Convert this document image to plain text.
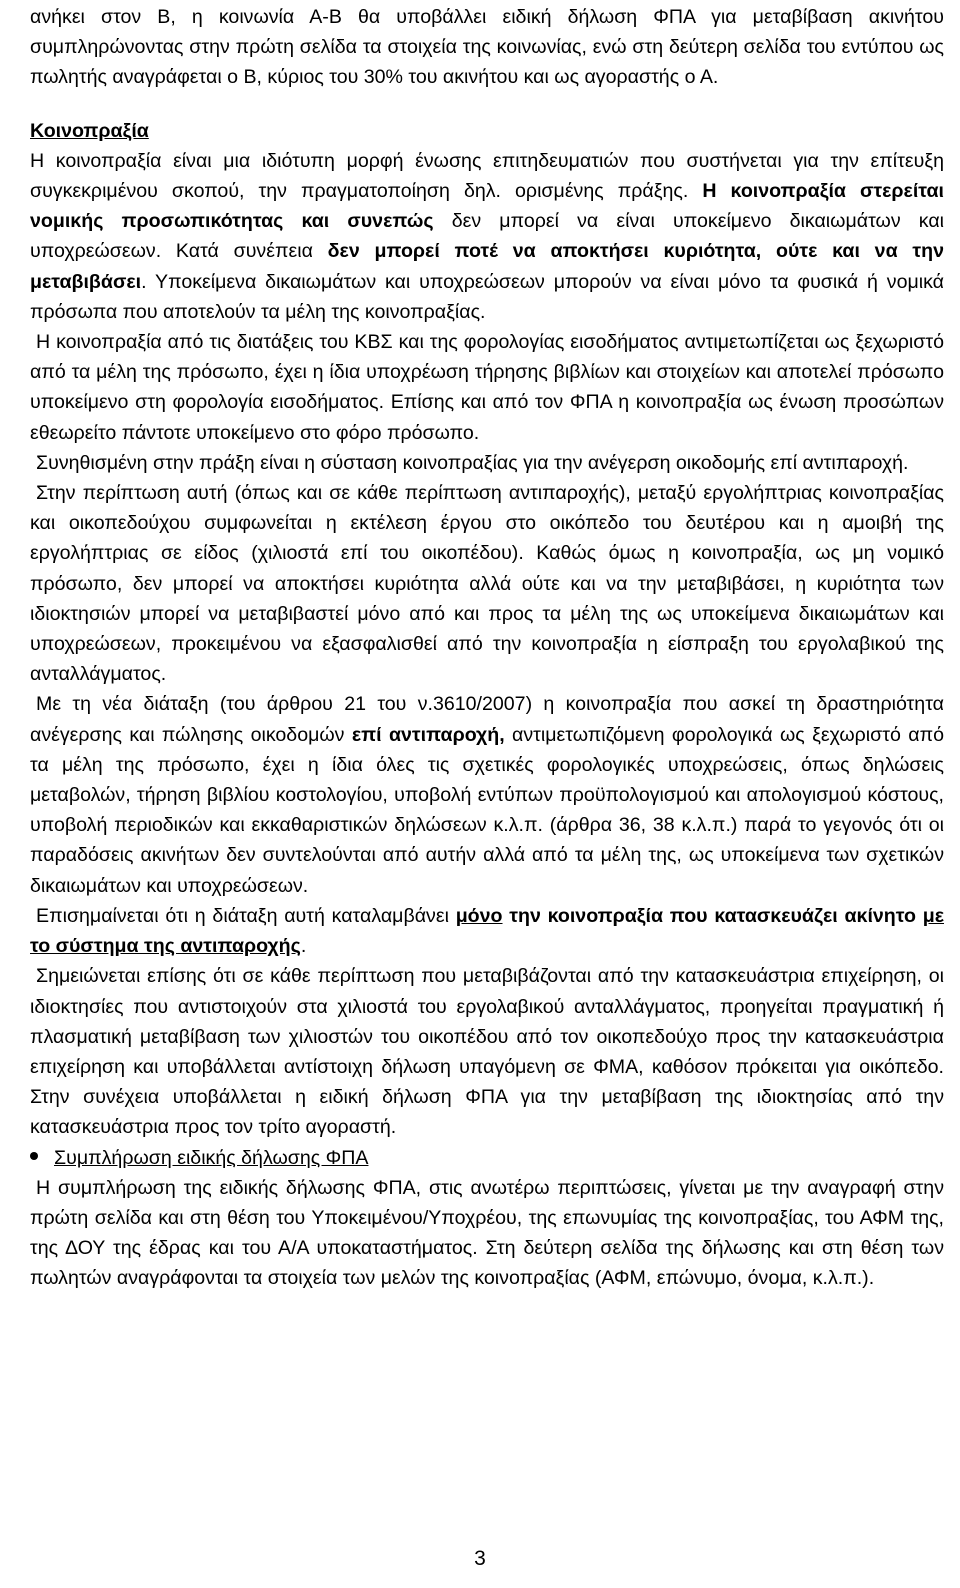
ανήκει στον Β, η κοινωνία Α-Β θα υποβάλλει ειδική δήλωση ΦΠΑ για μεταβίβαση ακινήτου συμπληρώνοντας στην πρώτη σελίδα τα στοιχεία της κοινωνίας, ενώ στη δεύτερη σελίδα του εντύπου ως πωλητής αναγράφεται ο Β, κύριος του 30% του ακινήτου και ως αγοραστής ο Α.

Κοινοπραξία

Η κοινοπραξία είναι μια ιδιότυπη μορφή ένωσης επιτηδευματιών που συστήνεται για την επίτευξη συγκεκριμένου σκοπού, την πραγματοποίηση δηλ. ορισμένης πράξης. Η κοινοπραξία στερείται νομικής προσωπικότητας και συνεπώς δεν μπορεί να είναι υποκείμενο δικαιωμάτων και υποχρεώσεων. Κατά συνέπεια δεν μπορεί ποτέ να αποκτήσει κυριότητα, ούτε και να την μεταβιβάσει. Υποκείμενα δικαιωμάτων και υποχρεώσεων μπορούν να είναι μόνο τα φυσικά ή νομικά πρόσωπα που αποτελούν τα μέλη της κοινοπραξίας.

Η κοινοπραξία από τις διατάξεις του ΚΒΣ και της φορολογίας εισοδήματος αντιμετωπίζεται ως ξεχωριστό από τα μέλη της πρόσωπο, έχει η ίδια υποχρέωση τήρησης βιβλίων και στοιχείων και αποτελεί πρόσωπο υποκείμενο στη φορολογία εισοδήματος. Επίσης και από τον ΦΠΑ η κοινοπραξία ως ένωση προσώπων εθεωρείτο πάντοτε υποκείμενο στο φόρο πρόσωπο.

Συνηθισμένη στην πράξη είναι η σύσταση κοινοπραξίας για την ανέγερση οικοδομής επί αντιπαροχή.

Στην περίπτωση αυτή (όπως και σε κάθε περίπτωση αντιπαροχής), μεταξύ εργολήπτριας κοινοπραξίας και οικοπεδούχου συμφωνείται η εκτέλεση έργου στο οικόπεδο του δευτέρου και η αμοιβή της εργολήπτριας σε είδος (χιλιοστά επί του οικοπέδου). Καθώς όμως η κοινοπραξία, ως μη νομικό πρόσωπο, δεν μπορεί να αποκτήσει κυριότητα αλλά ούτε και να την μεταβιβάσει, η κυριότητα των ιδιοκτησιών μπορεί να μεταβιβαστεί μόνο από και προς τα μέλη της ως υποκείμενα δικαιωμάτων και υποχρεώσεων, προκειμένου να εξασφαλισθεί από την κοινοπραξία η είσπραξη του εργολαβικού της ανταλλάγματος.

Με τη νέα διάταξη (του άρθρου 21 του ν.3610/2007) η κοινοπραξία που ασκεί τη δραστηριότητα ανέγερσης και πώλησης οικοδομών επί αντιπαροχή, αντιμετωπιζόμενη φορολογικά ως ξεχωριστό από τα μέλη της πρόσωπο, έχει η ίδια όλες τις σχετικές φορολογικές υποχρεώσεις, όπως δηλώσεις μεταβολών, τήρηση βιβλίου κοστολογίου, υποβολή εντύπων προϋπολογισμού και απολογισμού κόστους, υποβολή περιοδικών και εκκαθαριστικών δηλώσεων κ.λ.π. (άρθρα 36, 38 κ.λ.π.) παρά το γεγονός ότι οι παραδόσεις ακινήτων δεν συντελούνται από αυτήν αλλά από τα μέλη της, ως υποκείμενα των σχετικών δικαιωμάτων και υποχρεώσεων.

Επισημαίνεται ότι η διάταξη αυτή καταλαμβάνει μόνο την κοινοπραξία που κατασκευάζει ακίνητο με το σύστημα της αντιπαροχής.

Σημειώνεται επίσης ότι σε κάθε περίπτωση που μεταβιβάζονται από την κατασκευάστρια επιχείρηση, οι ιδιοκτησίες που αντιστοιχούν στα χιλιοστά του εργολαβικού ανταλλάγματος, προηγείται πραγματική ή πλασματική μεταβίβαση των χιλιοστών του οικοπέδου από τον οικοπεδούχο προς την κατασκευάστρια επιχείρηση και υποβάλλεται αντίστοιχη δήλωση υπαγόμενη σε ΦΜΑ, καθόσον πρόκειται για οικόπεδο. Στην συνέχεια υποβάλλεται η ειδική δήλωση ΦΠΑ για την μεταβίβαση της ιδιοκτησίας από την κατασκευάστρια προς τον τρίτο αγοραστή.

Συμπλήρωση ειδικής δήλωσης ΦΠΑ

Η συμπλήρωση της ειδικής δήλωσης ΦΠΑ, στις ανωτέρω περιπτώσεις, γίνεται με την αναγραφή στην πρώτη σελίδα και στη θέση του Υποκειμένου/Υποχρέου, της επωνυμίας της κοινοπραξίας, του ΑΦΜ της, της ΔΟΥ της έδρας και του Α/Α υποκαταστήματος. Στη δεύτερη σελίδα της δήλωσης και στη θέση των πωλητών αναγράφονται τα στοιχεία των μελών της κοινοπραξίας (ΑΦΜ, επώνυμο, όνομα, κ.λ.π.).

3
